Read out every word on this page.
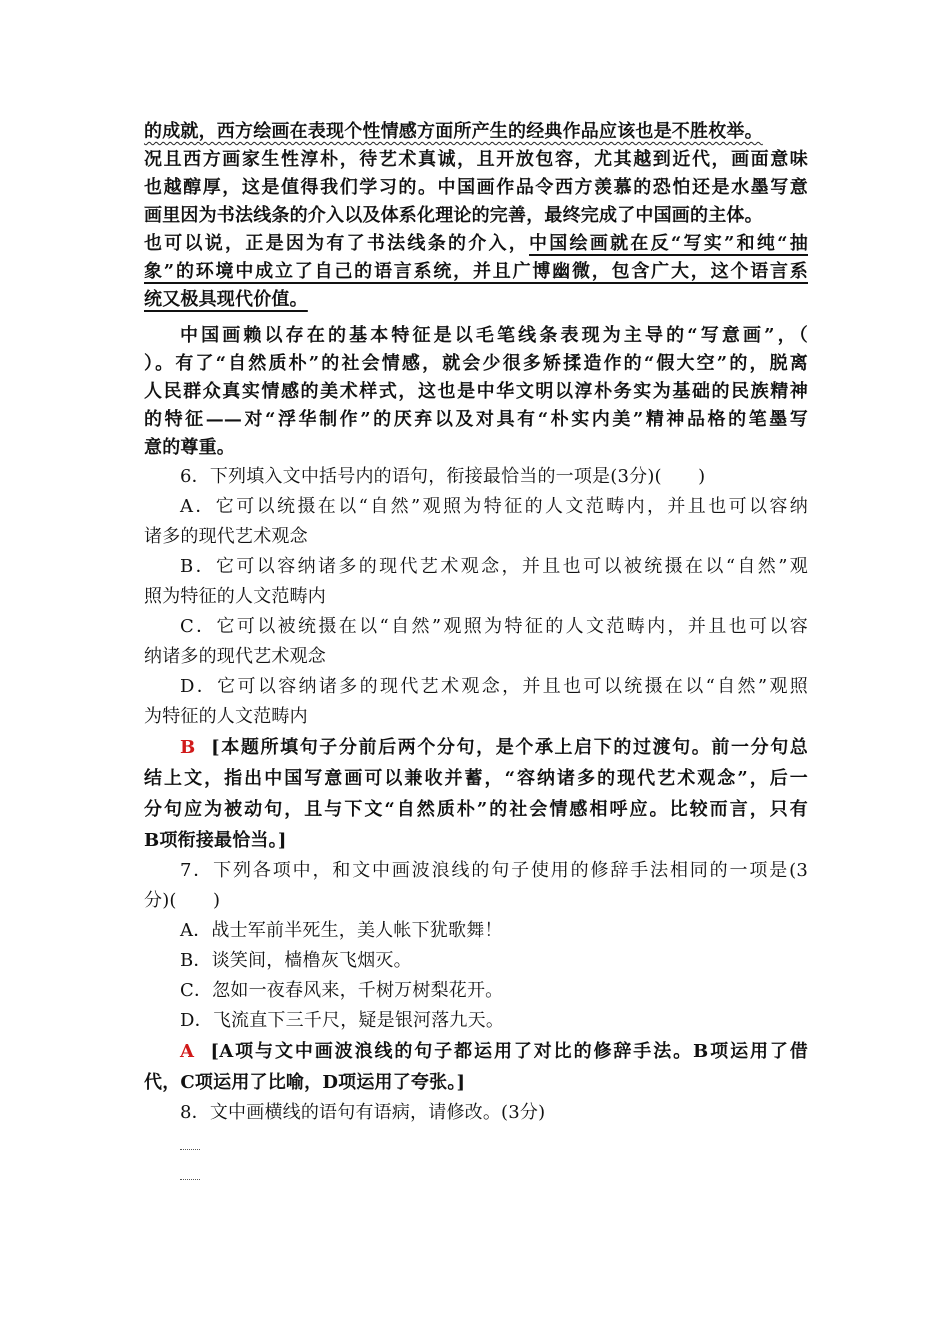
的成就，西方绘画在表现个性情感方面所产生的经典作品应该也是不胜枚举。
况且西方画家生性淳朴，待艺术真诚，且开放包容，尤其越到近代，画面意味
也越醇厚，这是值得我们学习的。中国画作品令西方羡慕的恐怕还是水墨写意
画里因为书法线条的介入以及体系化理论的完善，最终完成了中国画的主体。
也可以说，正是因为有了书法线条的介入，中国绘画就在反“写实”和纯“抽
象”的环境中成立了自己的语言系统，并且广博幽微，包含广大，这个语言系
统又极具现代价值。
中国画赖以存在的基本特征是以毛笔线条表现为主导的“写意画”，（
）。有了“自然质朴”的社会情感，就会少很多矫揉造作的“假大空”的，脱离
人民群众真实情感的美术样式，这也是中华文明以淳朴务实为基础的民族精神
的特征——对“浮华制作”的厌弃以及对具有“朴实内美”精神品格的笔墨写
意的尊重。
6．下列填入文中括号内的语句，衔接最恰当的一项是(3分)(　　)
A．它可以统摄在以“自然”观照为特征的人文范畴内，并且也可以容纳
诸多的现代艺术观念
B．它可以容纳诸多的现代艺术观念，并且也可以被统摄在以“自然”观
照为特征的人文范畴内
C．它可以被统摄在以“自然”观照为特征的人文范畴内，并且也可以容
纳诸多的现代艺术观念
D．它可以容纳诸多的现代艺术观念，并且也可以统摄在以“自然”观照
为特征的人文范畴内
B [本题所填句子分前后两个分句，是个承上启下的过渡句。前一分句总
结上文，指出中国写意画可以兼收并蓄，“容纳诸多的现代艺术观念”，后一
分句应为被动句，且与下文“自然质朴”的社会情感相呼应。比较而言，只有
B项衔接最恰当。]
7．下列各项中，和文中画波浪线的句子使用的修辞手法相同的一项是(3
分)(　　)
A．战士军前半死生，美人帐下犹歌舞！
B．谈笑间，樯橹灰飞烟灭。
C．忽如一夜春风来，千树万树梨花开。
D．飞流直下三千尺，疑是银河落九天。
A [A项与文中画波浪线的句子都运用了对比的修辞手法。B项运用了借
代，C项运用了比喻，D项运用了夸张。]
8．文中画横线的语句有语病，请修改。(3分)
